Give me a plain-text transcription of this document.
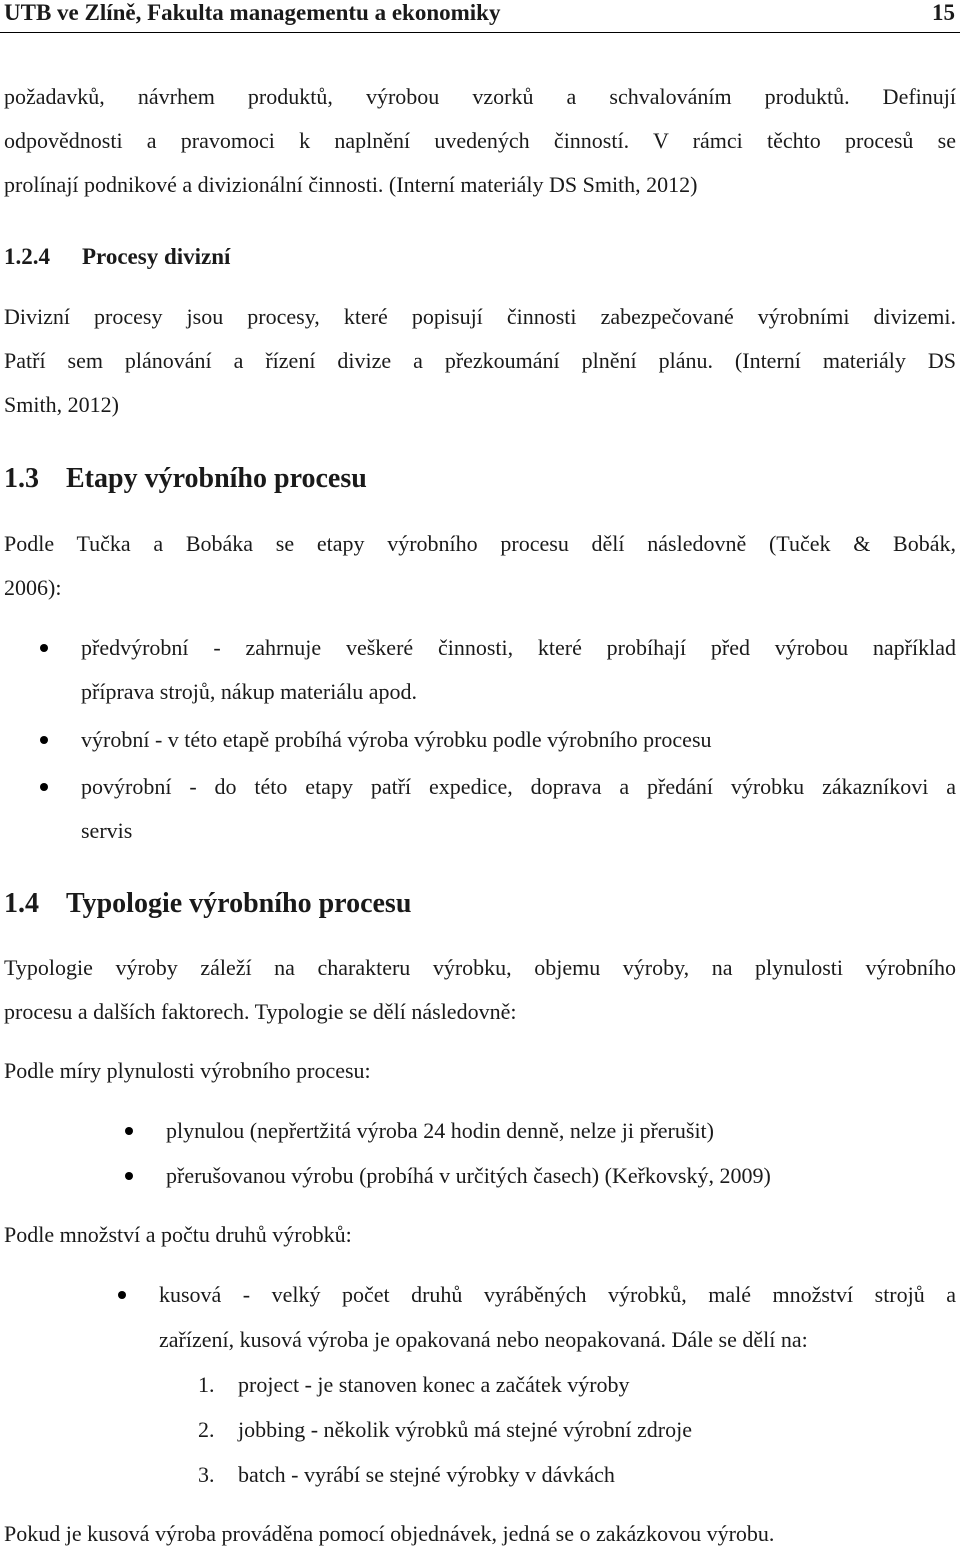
UTB ve Zlíně, Fakulta managementu a ekonomiky	15
požadavků, návrhem produktů, výrobou vzorků a schvalováním produktů. Definují
odpovědnosti a pravomoci k naplnění uvedených činností. V rámci těchto procesů se
prolínají podnikové a divizionální činnosti. (Interní materiály DS Smith, 2012)
1.2.4 Procesy divizní
Divizní procesy jsou procesy, které popisují činnosti zabezpečované výrobními divizemi.
Patří sem plánování a řízení divize a přezkoumání plnění plánu. (Interní materiály DS
Smith, 2012)
1.3 Etapy výrobního procesu
Podle Tučka a Bobáka se etapy výrobního procesu dělí následovně (Tuček & Bobák,
2006):
předvýrobní - zahrnuje veškeré činnosti, které probíhají před výrobou například
příprava strojů, nákup materiálu apod.
výrobní - v této etapě probíhá výroba výrobku podle výrobního procesu
povýrobní - do této etapy patří expedice, doprava a předání výrobku zákazníkovi a
servis
1.4 Typologie výrobního procesu
Typologie výroby záleží na charakteru výrobku, objemu výroby, na plynulosti výrobního
procesu a dalších faktorech. Typologie se dělí následovně:
Podle míry plynulosti výrobního procesu:
plynulou (nepřertžitá výroba 24 hodin denně, nelze ji přerušit)
přerušovanou výrobu (probíhá v určitých časech) (Keřkovský, 2009)
Podle množství a počtu druhů výrobků:
kusová - velký počet druhů vyráběných výrobků, malé množství strojů a
zařízení, kusová výroba je opakovaná nebo neopakovaná. Dále se dělí na:
1. project - je stanoven konec a začátek výroby
2. jobbing - několik výrobků má stejné výrobní zdroje
3. batch - vyrábí se stejné výrobky v dávkách
Pokud je kusová výroba prováděna pomocí objednávek, jedná se o zakázkovou výrobu.
